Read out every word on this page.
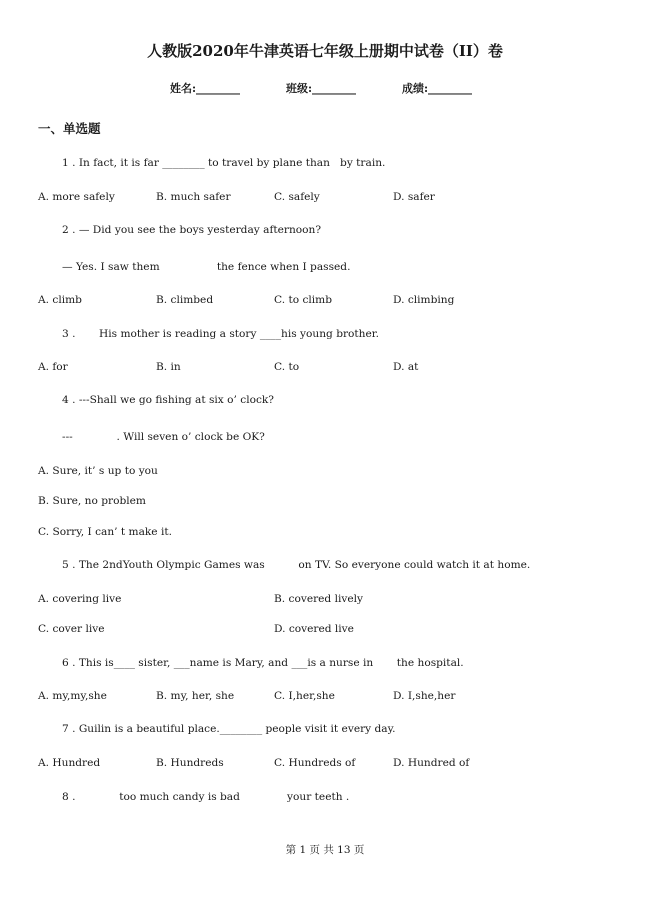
人教版2020年牛津英语七年级上册期中试卷（II）卷
姓名:________	班级:________	成绩:________
一、单选题
1 . In fact, it is far ________ to travel by plane than   by train.
A. more safely	B. much safer	C. safely	D. safer
2 . — Did you see the boys yesterday afternoon?
— Yes. I saw them                 the fence when I passed.
A. climb	B. climbed	C. to climb	D. climbing
3 .       His mother is reading a story ____his young brother.
A. for	B. in	C. to	D. at
4 . ---Shall we go fishing at six o’ clock?
---             . Will seven o’ clock be OK?
A. Sure, it’ s up to you
B. Sure, no problem
C. Sorry, I can’ t make it.
5 . The 2ndYouth Olympic Games was          on TV. So everyone could watch it at home.
A. covering live	B. covered lively
C. cover live	D. covered live
6 . This is____ sister, ___name is Mary, and ___is a nurse in       the hospital.
A. my,my,she	B. my, her, she	C. I,her,she	D. I,she,her
7 . Guilin is a beautiful place.________ people visit it every day.
A. Hundred	B. Hundreds	C. Hundreds of	D. Hundred of
8 .             too much candy is bad              your teeth .
第 1 页 共 13 页
